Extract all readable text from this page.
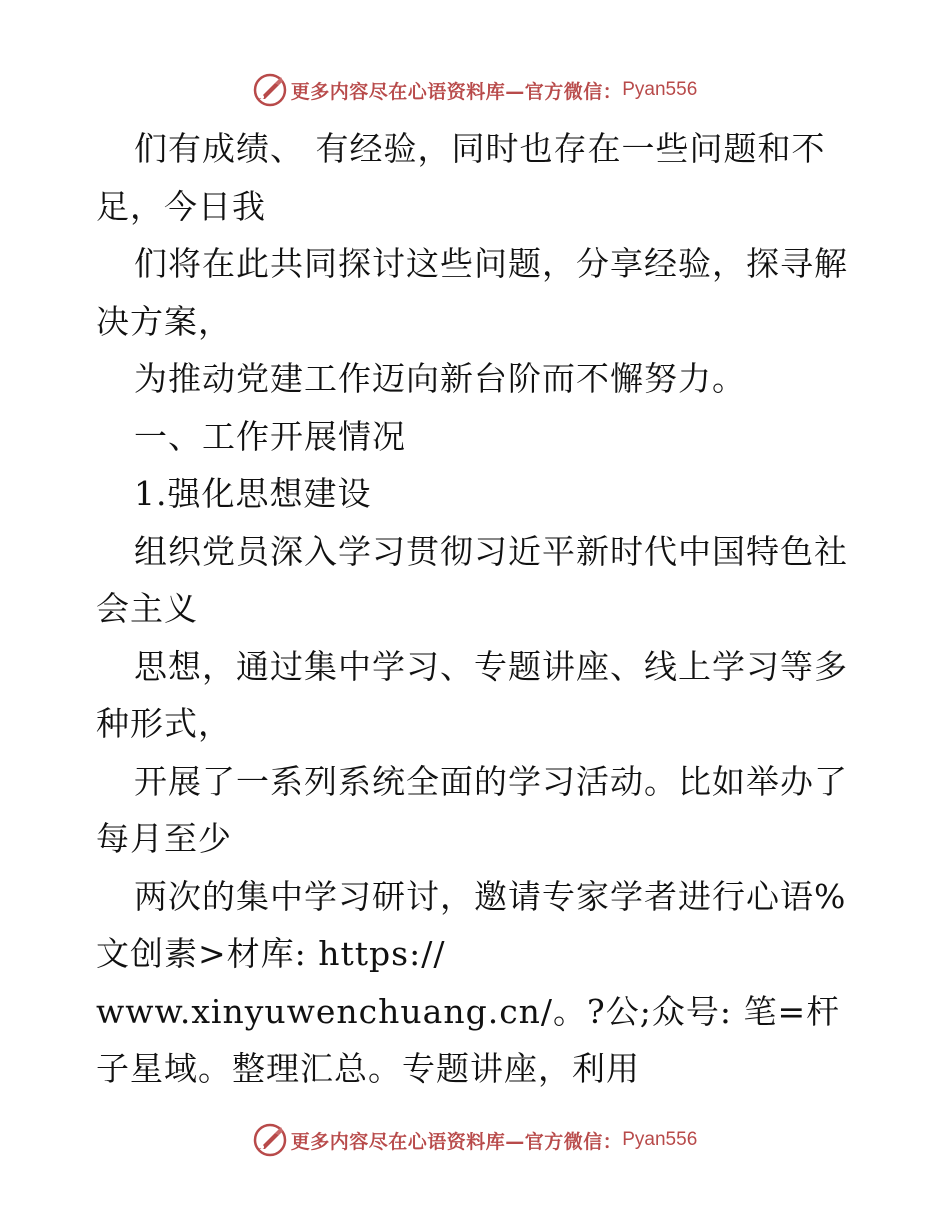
更多内容尽在心语资料库—官方微信： Pyan556

们有成绩、 有经验，同时也存在一些问题和不足，今日我

们将在此共同探讨这些问题，分享经验，探寻解决方案，

为推动党建工作迈向新台阶而不懈努力。

一、工作开展情况

1.强化思想建设

组织党员深入学习贯彻习近平新时代中国特色社会主义

思想，通过集中学习、专题讲座、线上学习等多种形式，

开展了一系列系统全面的学习活动。比如举办了每月至少

两次的集中学习研讨，邀请专家学者进行心语%文创素>材库: https://

www.xinyuwenchuang.cn/。?公;众号: 笔=杆子星域。整理汇总。专题讲座，利用

更多内容尽在心语资料库—官方微信： Pyan556
